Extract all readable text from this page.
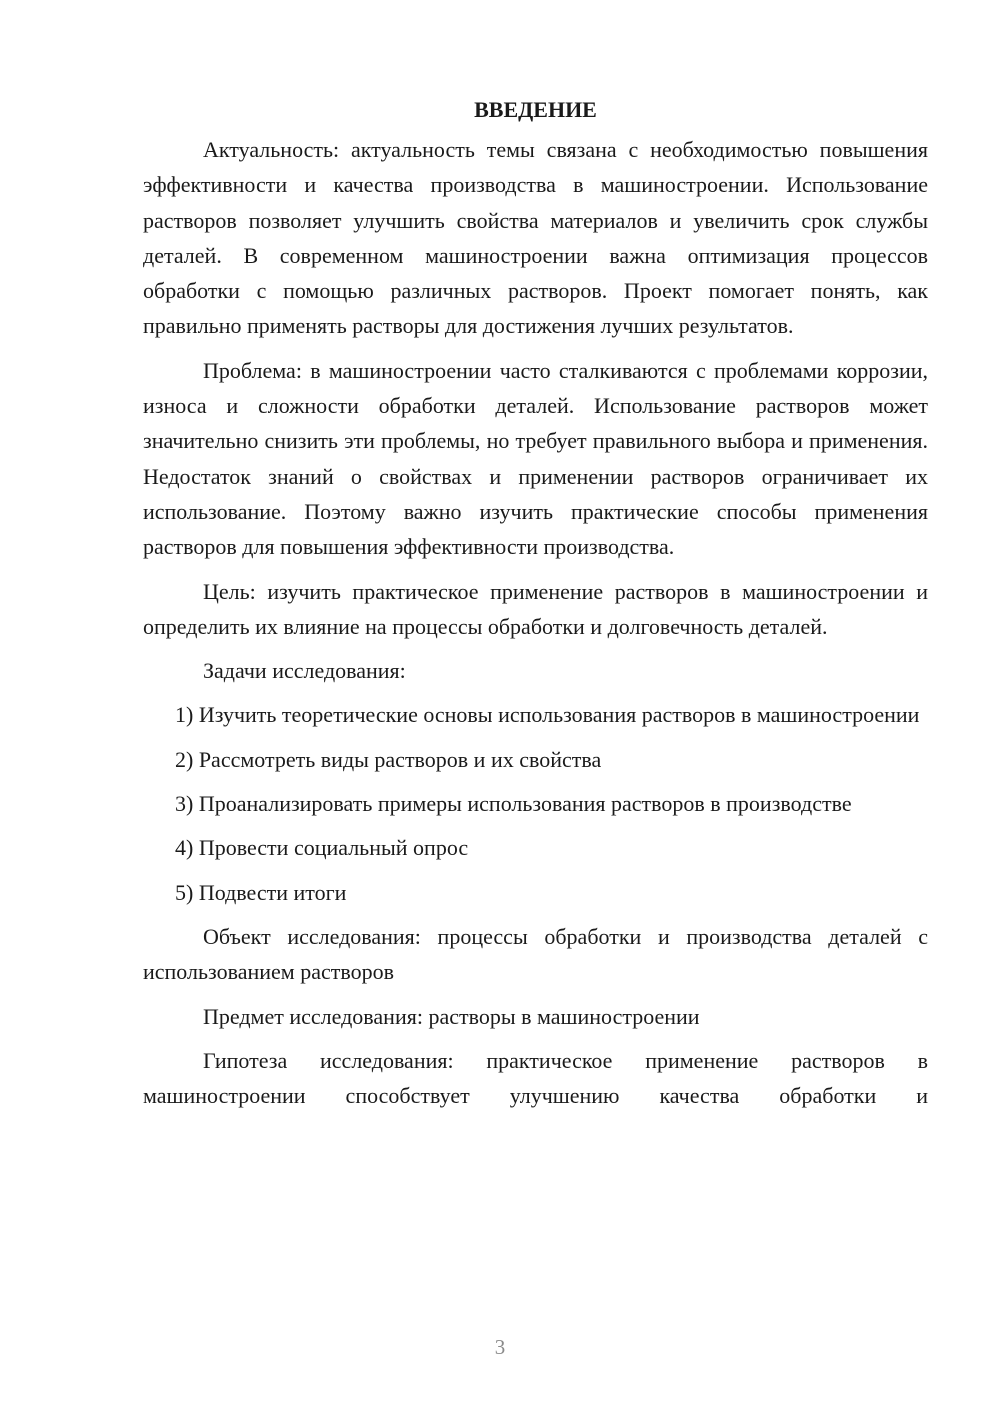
ВВЕДЕНИЕ

Актуальность: актуальность темы связана с необходимостью повышения эффективности и качества производства в машиностроении. Использование растворов позволяет улучшить свойства материалов и увеличить срок службы деталей. В современном машиностроении важна оптимизация процессов обработки с помощью различных растворов. Проект помогает понять, как правильно применять растворы для достижения лучших результатов.

Проблема: в машиностроении часто сталкиваются с проблемами коррозии, износа и сложности обработки деталей. Использование растворов может значительно снизить эти проблемы, но требует правильного выбора и применения. Недостаток знаний о свойствах и применении растворов ограничивает их использование. Поэтому важно изучить практические способы применения растворов для повышения эффективности производства.

Цель: изучить практическое применение растворов в машиностроении и определить их влияние на процессы обработки и долговечность деталей.

Задачи исследования:

1) Изучить теоретические основы использования растворов в машиностроении

2) Рассмотреть виды растворов и их свойства

3) Проанализировать примеры использования растворов в производстве

4) Провести социальный опрос

5) Подвести итоги

Объект исследования: процессы обработки и производства деталей с использованием растворов

Предмет исследования: растворы в машиностроении

Гипотеза исследования: практическое применение растворов в машиностроении способствует улучшению качества обработки и

3
